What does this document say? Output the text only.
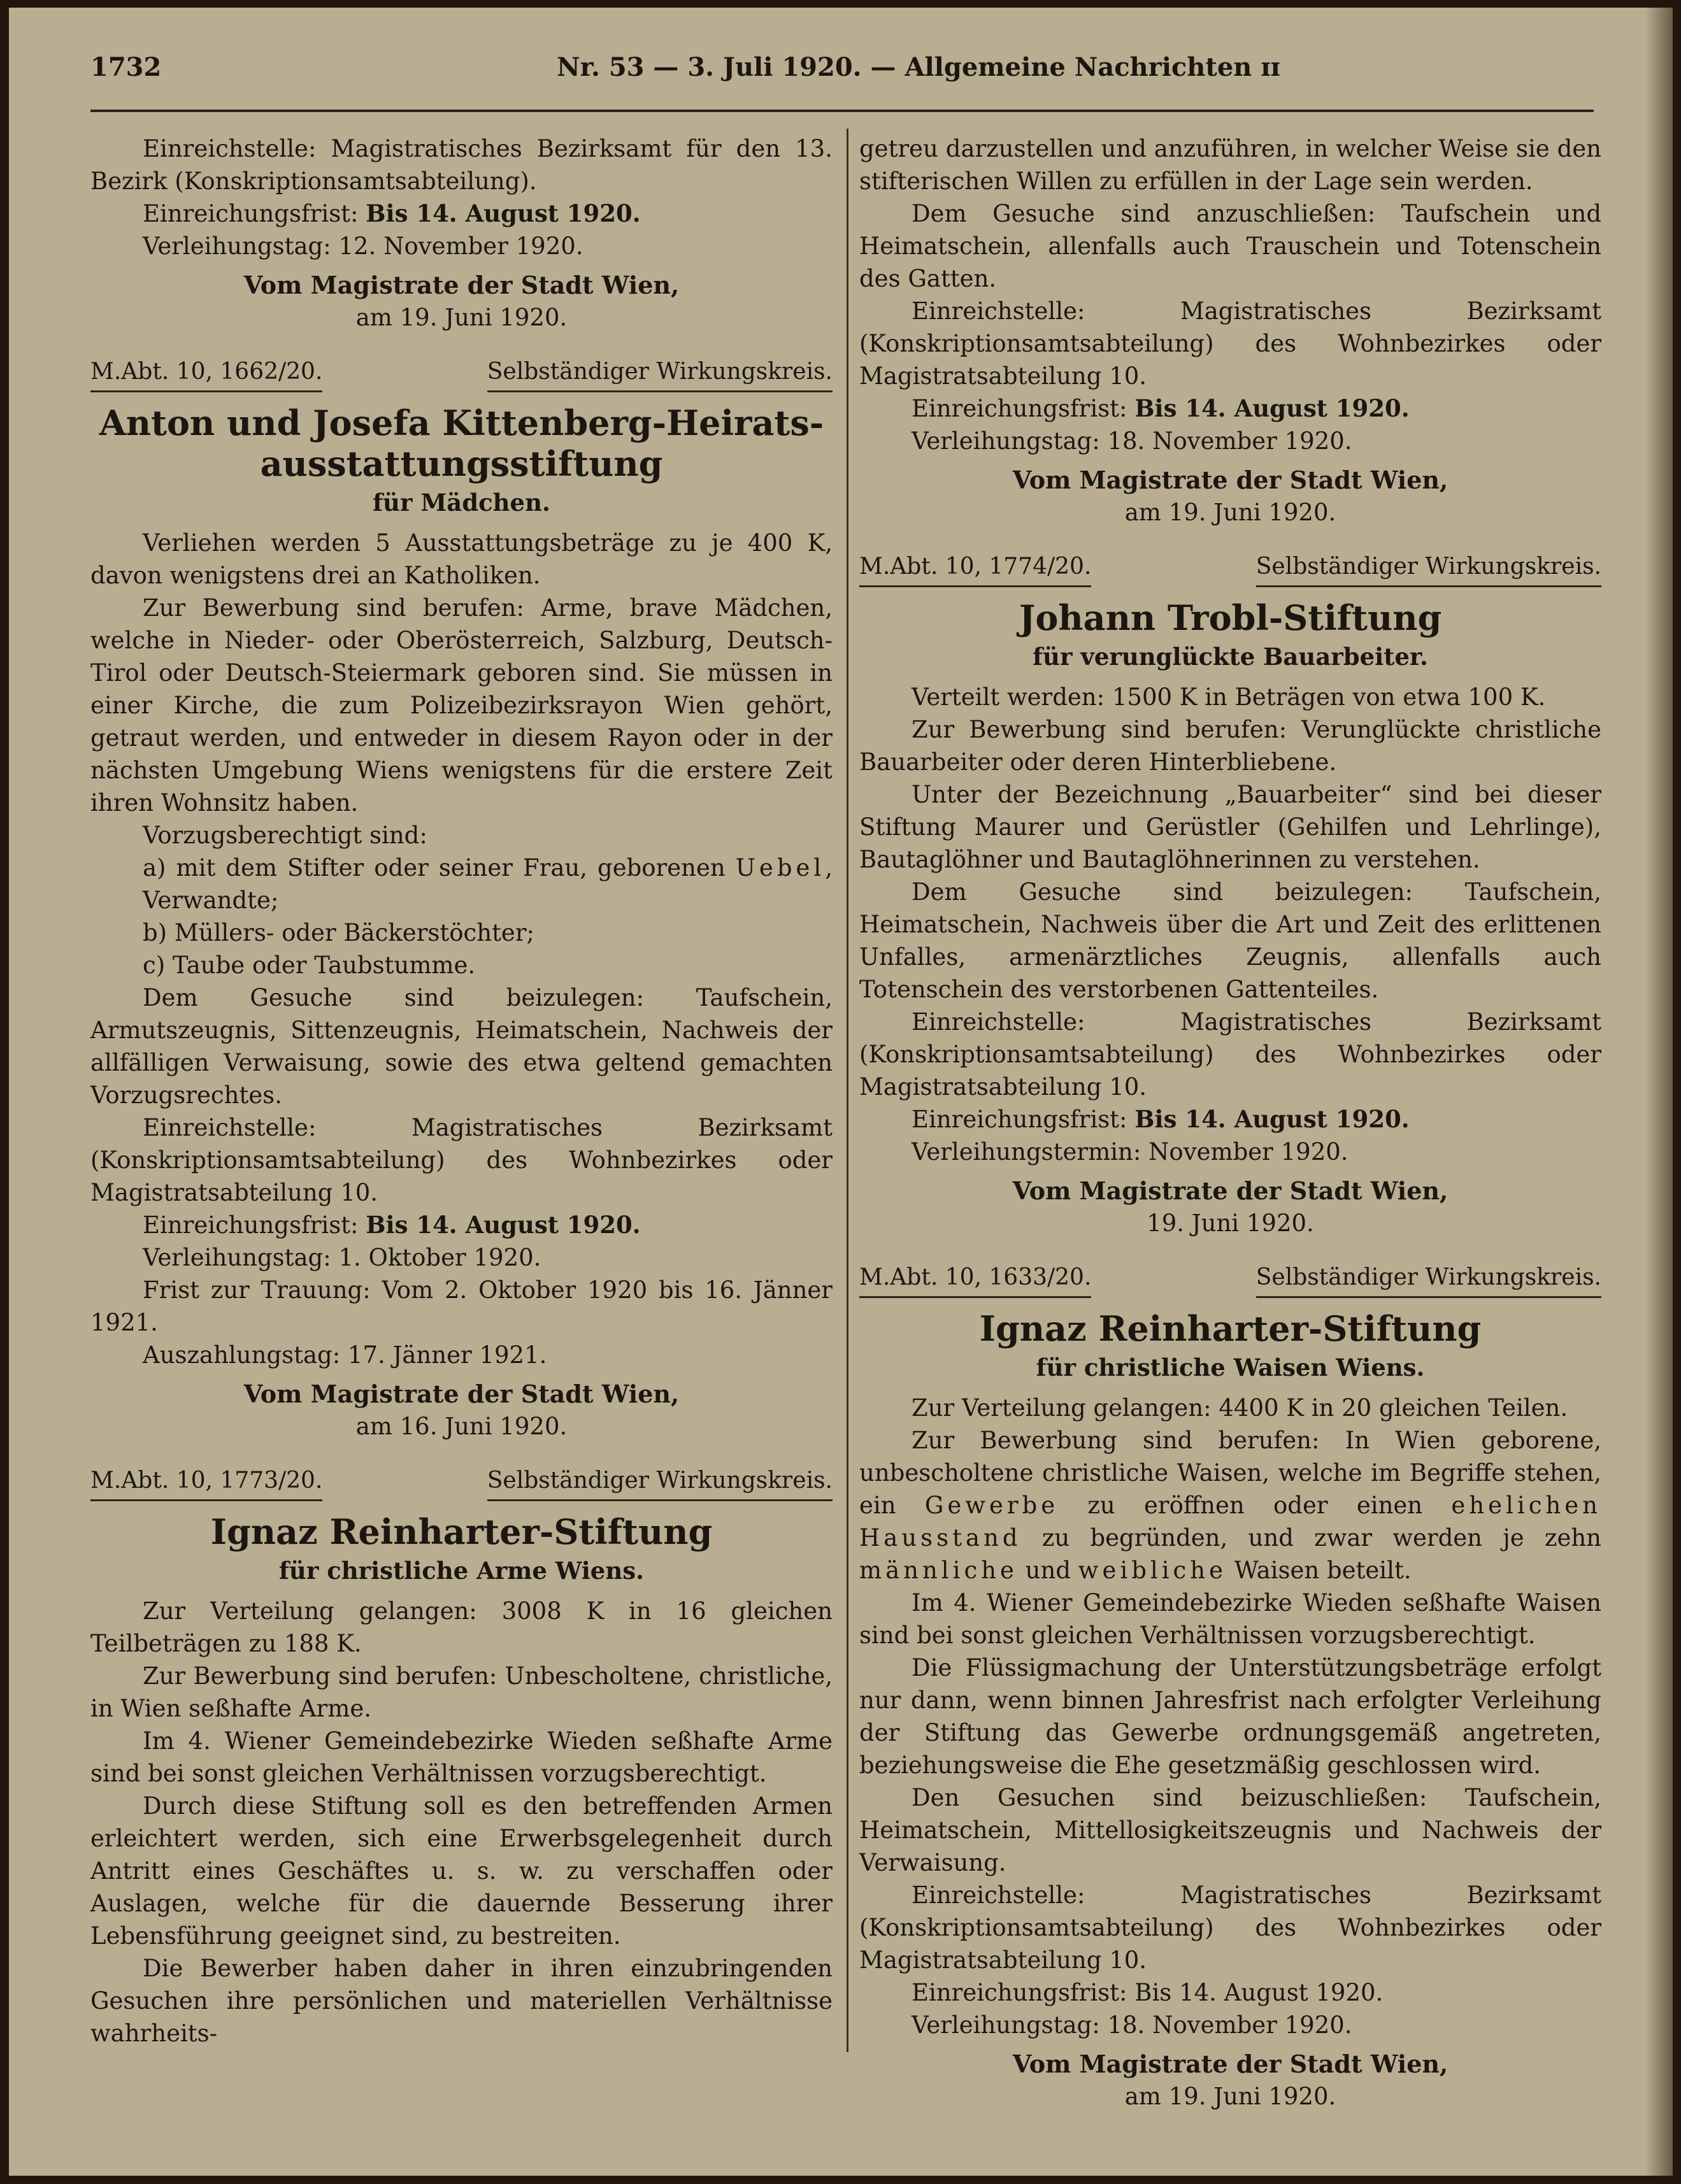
1732	Nr. 53 — 3. Juli 1920. — Allgemeine Nachrichten ɪɪ

Einreichstelle: Magistratisches Bezirksamt für den 13. Bezirk (Konskriptionsamtsabteilung).

Einreichungsfrist: Bis 14. August 1920.

Verleihungstag: 12. November 1920.

Vom Magistrate der Stadt Wien,
am 19. Juni 1920.
M.Abt. 10, 1662/20.	Selbständiger Wirkungskreis.
Anton und Josefa Kittenberg-Heirats-ausstattungsstiftung
für Mädchen.

Verliehen werden 5 Ausstattungsbeträge zu je 400 K, davon wenigstens drei an Katholiken.

Zur Bewerbung sind berufen: Arme, brave Mädchen, welche in Nieder- oder Oberösterreich, Salzburg, Deutsch-Tirol oder Deutsch-Steiermark geboren sind. Sie müssen in einer Kirche, die zum Polizeibezirksrayon Wien gehört, getraut werden, und entweder in diesem Rayon oder in der nächsten Umgebung Wiens wenigstens für die erstere Zeit ihren Wohnsitz haben.

Vorzugsberechtigt sind:

a) mit dem Stifter oder seiner Frau, geborenen Uebel, Verwandte;

b) Müllers- oder Bäckerstöchter;

c) Taube oder Taubstumme.

Dem Gesuche sind beizulegen: Taufschein, Armutszeugnis, Sittenzeugnis, Heimatschein, Nachweis der allfälligen Verwaisung, sowie des etwa geltend gemachten Vorzugsrechtes.

Einreichstelle: Magistratisches Bezirksamt (Konskriptionsamtsabteilung) des Wohnbezirkes oder Magistratsabteilung 10.

Einreichungsfrist: Bis 14. August 1920.

Verleihungstag: 1. Oktober 1920.

Frist zur Trauung: Vom 2. Oktober 1920 bis 16. Jänner 1921.

Auszahlungstag: 17. Jänner 1921.

Vom Magistrate der Stadt Wien,
am 16. Juni 1920.
M.Abt. 10, 1773/20.	Selbständiger Wirkungskreis.
Ignaz Reinharter-Stiftung
für christliche Arme Wiens.

Zur Verteilung gelangen: 3008 K in 16 gleichen Teilbeträgen zu 188 K.

Zur Bewerbung sind berufen: Unbescholtene, christliche, in Wien seßhafte Arme.

Im 4. Wiener Gemeindebezirke Wieden seßhafte Arme sind bei sonst gleichen Verhältnissen vorzugsberechtigt.

Durch diese Stiftung soll es den betreffenden Armen erleichtert werden, sich eine Erwerbsgelegenheit durch Antritt eines Geschäftes u. s. w. zu verschaffen oder Auslagen, welche für die dauernde Besserung ihrer Lebensführung geeignet sind, zu bestreiten.

Die Bewerber haben daher in ihren einzubringenden Gesuchen ihre persönlichen und materiellen Verhältnisse wahrheits-

getreu darzustellen und anzuführen, in welcher Weise sie den stifterischen Willen zu erfüllen in der Lage sein werden.

Dem Gesuche sind anzuschließen: Taufschein und Heimatschein, allenfalls auch Trauschein und Totenschein des Gatten.

Einreichstelle: Magistratisches Bezirksamt (Konskriptionsamtsabteilung) des Wohnbezirkes oder Magistratsabteilung 10.

Einreichungsfrist: Bis 14. August 1920.

Verleihungstag: 18. November 1920.

Vom Magistrate der Stadt Wien,
am 19. Juni 1920.
M.Abt. 10, 1774/20.	Selbständiger Wirkungskreis.
Johann Trobl-Stiftung
für verunglückte Bauarbeiter.

Verteilt werden: 1500 K in Beträgen von etwa 100 K.

Zur Bewerbung sind berufen: Verunglückte christliche Bauarbeiter oder deren Hinterbliebene.

Unter der Bezeichnung „Bauarbeiter“ sind bei dieser Stiftung Maurer und Gerüstler (Gehilfen und Lehrlinge), Bautaglöhner und Bautaglöhnerinnen zu verstehen.

Dem Gesuche sind beizulegen: Taufschein, Heimatschein, Nachweis über die Art und Zeit des erlittenen Unfalles, armenärztliches Zeugnis, allenfalls auch Totenschein des verstorbenen Gattenteiles.

Einreichstelle: Magistratisches Bezirksamt (Konskriptionsamtsabteilung) des Wohnbezirkes oder Magistratsabteilung 10.

Einreichungsfrist: Bis 14. August 1920.

Verleihungstermin: November 1920.

Vom Magistrate der Stadt Wien,
19. Juni 1920.
M.Abt. 10, 1633/20.	Selbständiger Wirkungskreis.
Ignaz Reinharter-Stiftung
für christliche Waisen Wiens.

Zur Verteilung gelangen: 4400 K in 20 gleichen Teilen.

Zur Bewerbung sind berufen: In Wien geborene, unbescholtene christliche Waisen, welche im Begriffe stehen, ein Gewerbe zu eröffnen oder einen ehelichen Hausstand zu begründen, und zwar werden je zehn männliche und weibliche Waisen beteilt.

Im 4. Wiener Gemeindebezirke Wieden seßhafte Waisen sind bei sonst gleichen Verhältnissen vorzugsberechtigt.

Die Flüssigmachung der Unterstützungsbeträge erfolgt nur dann, wenn binnen Jahresfrist nach erfolgter Verleihung der Stiftung das Gewerbe ordnungsgemäß angetreten, beziehungsweise die Ehe gesetzmäßig geschlossen wird.

Den Gesuchen sind beizuschließen: Taufschein, Heimatschein, Mittellosigkeitszeugnis und Nachweis der Verwaisung.

Einreichstelle: Magistratisches Bezirksamt (Konskriptionsamtsabteilung) des Wohnbezirkes oder Magistratsabteilung 10.

Einreichungsfrist: Bis 14. August 1920.

Verleihungstag: 18. November 1920.

Vom Magistrate der Stadt Wien,
am 19. Juni 1920.
